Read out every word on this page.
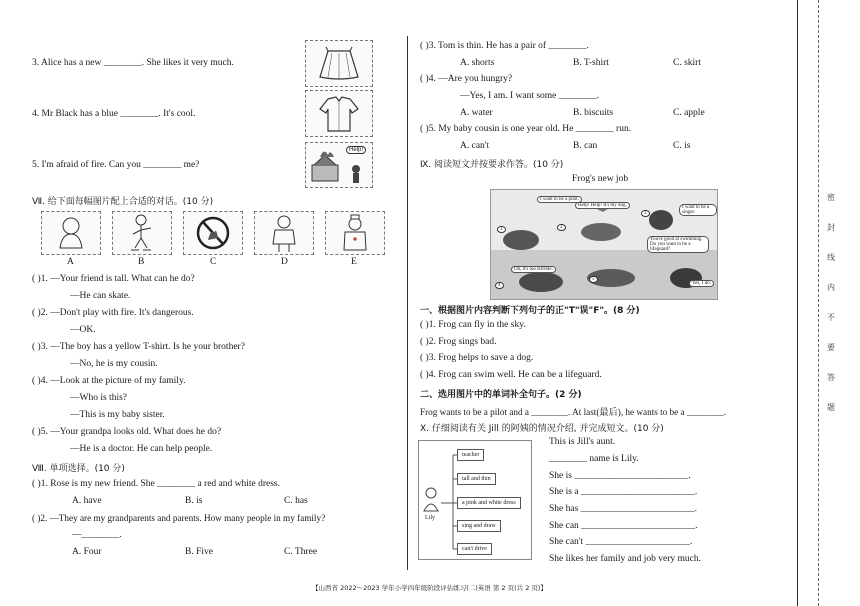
3. Alice has a new ________. She likes it very much.
4. Mr Black has a blue ________. It's cool.
5. I'm afraid of fire. Can you ________ me?
Help!
Ⅶ. 给下面每幅图片配上合适的对话。(10 分)
A	B	C	D	E
( )1. —Your friend is tall. What can he do?
—He can skate.
( )2. —Don't play with fire. It's dangerous.
—OK.
( )3. —The boy has a yellow T-shirt. Is he your brother?
—No, he is my cousin.
( )4. —Look at the picture of my family.
—Who is this?
—This is my baby sister.
( )5. —Your grandpa looks old. What does he do?
—He is a doctor. He can help people.
Ⅷ. 单项选择。(10 分)
( )1. Rose is my new friend. She ________ a red and white dress.
A. have	B. is	C. has
( )2. —They are my grandparents and parents. How many people in my family?
—________.
A. Four	B. Five	C. Three
( )3. Tom is thin. He has a pair of ________.
A. shorts	B. T-shirt	C. skirt
( )4. —Are you hungry?
—Yes, I am. I want some ________.
A. water	B. biscuits	C. apple
( )5. My baby cousin is one year old. He ________ run.
A. can't	B. can	C. is
Ⅸ. 阅读短文并按要求作答。(10 分)
Frog's new job
I want to be a pilot.
Help! Help! It's my dog.	I want to be a singer.
Oh, it's too terrible.
You're good at swimming. Do you want to be a lifeguard?
Yes, I do.
1	2
3
4
5
一、根据图片内容判断下列句子的正"T"误"F"。(8 分)
( )1. Frog can fly in the sky.
( )2. Frog sings bad.
( )3. Frog helps to save a dog.
( )4. Frog can swim well. He can be a lifeguard.
二、选用图片中的单词补全句子。(2 分)
Frog wants to be a pilot and a ________. At last(最后), he wants to be a ________.
Ⅹ. 仔细阅读有关 Jill 的阿姨的情况介绍, 并完成短文。(10 分)
Lily
teacher
tall and thin
a pink and white dress
sing and draw
can't drive
This is Jill's aunt.
________ name is Lily.
She is ________________________.
She is a ________________________.
She has ________________________.
She can ________________________.
She can't ______________________.
She likes her family and job very much.
【山西省 2022～2023 学年小学四年级阶段评估练习(二)英语 第 2 页(共 2 页)】
密
封
线
内
不
要
答
题
